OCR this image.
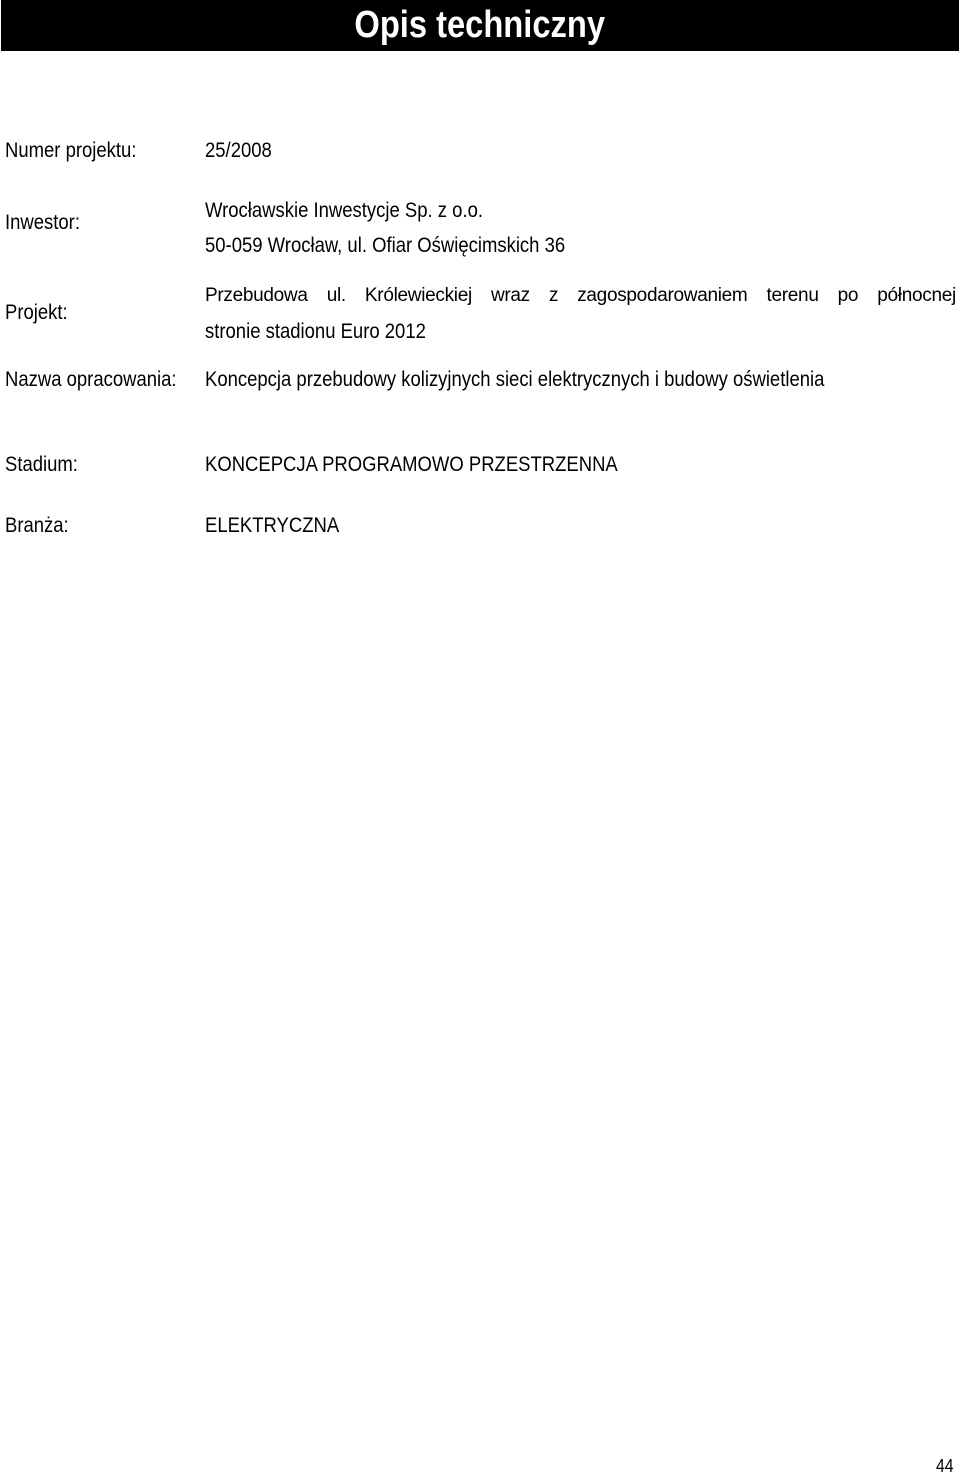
Opis techniczny
Numer projektu:	25/2008
Inwestor:
Wrocławskie Inwestycje Sp. z o.o.
50-059 Wrocław, ul. Ofiar Oświęcimskich 36
Projekt:
Przebudowa ul. Królewieckiej wraz z zagospodarowaniem terenu po północnej
stronie stadionu Euro 2012
Nazwa opracowania:	Koncepcja przebudowy kolizyjnych sieci elektrycznych i budowy oświetlenia
Stadium:	KONCEPCJA PROGRAMOWO PRZESTRZENNA
Branża:	ELEKTRYCZNA
44
